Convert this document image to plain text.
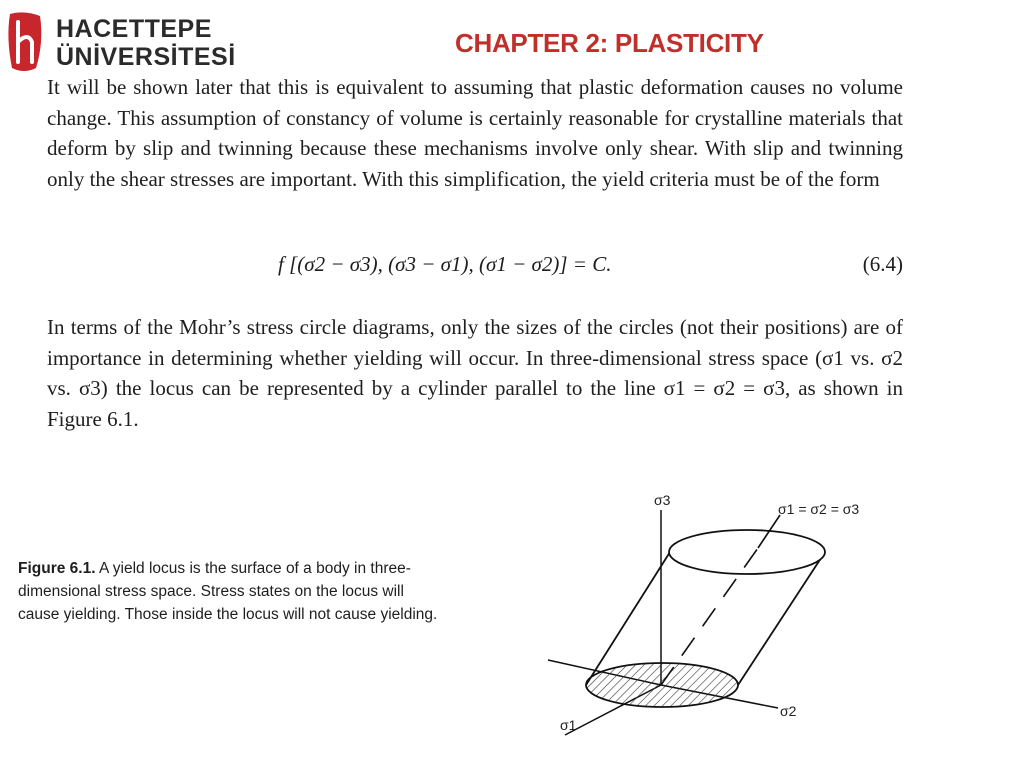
HACETTEPE
ÜNİVERSİTESİ	CHAPTER 2: PLASTICITY

It will be shown later that this is equivalent to assuming that plastic deformation causes no volume change. This assumption of constancy of volume is certainly reasonable for crystalline materials that deform by slip and twinning because these mechanisms involve only shear. With slip and twinning only the shear stresses are important. With this simplification, the yield criteria must be of the form

f [(σ2 − σ3), (σ3 − σ1), (σ1 − σ2)] = C.	(6.4)

In terms of the Mohr’s stress circle diagrams, only the sizes of the circles (not their positions) are of importance in determining whether yielding will occur. In three-dimensional stress space (σ1 vs. σ2 vs. σ3) the locus can be represented by a cylinder parallel to the line σ1 = σ2 = σ3, as shown in Figure 6.1.

Figure 6.1. A yield locus is the surface of a body in three-dimensional stress space. Stress states on the locus will cause yielding. Those inside the locus will not cause yielding.

σ3
σ1 = σ2 = σ3
σ2
σ1
